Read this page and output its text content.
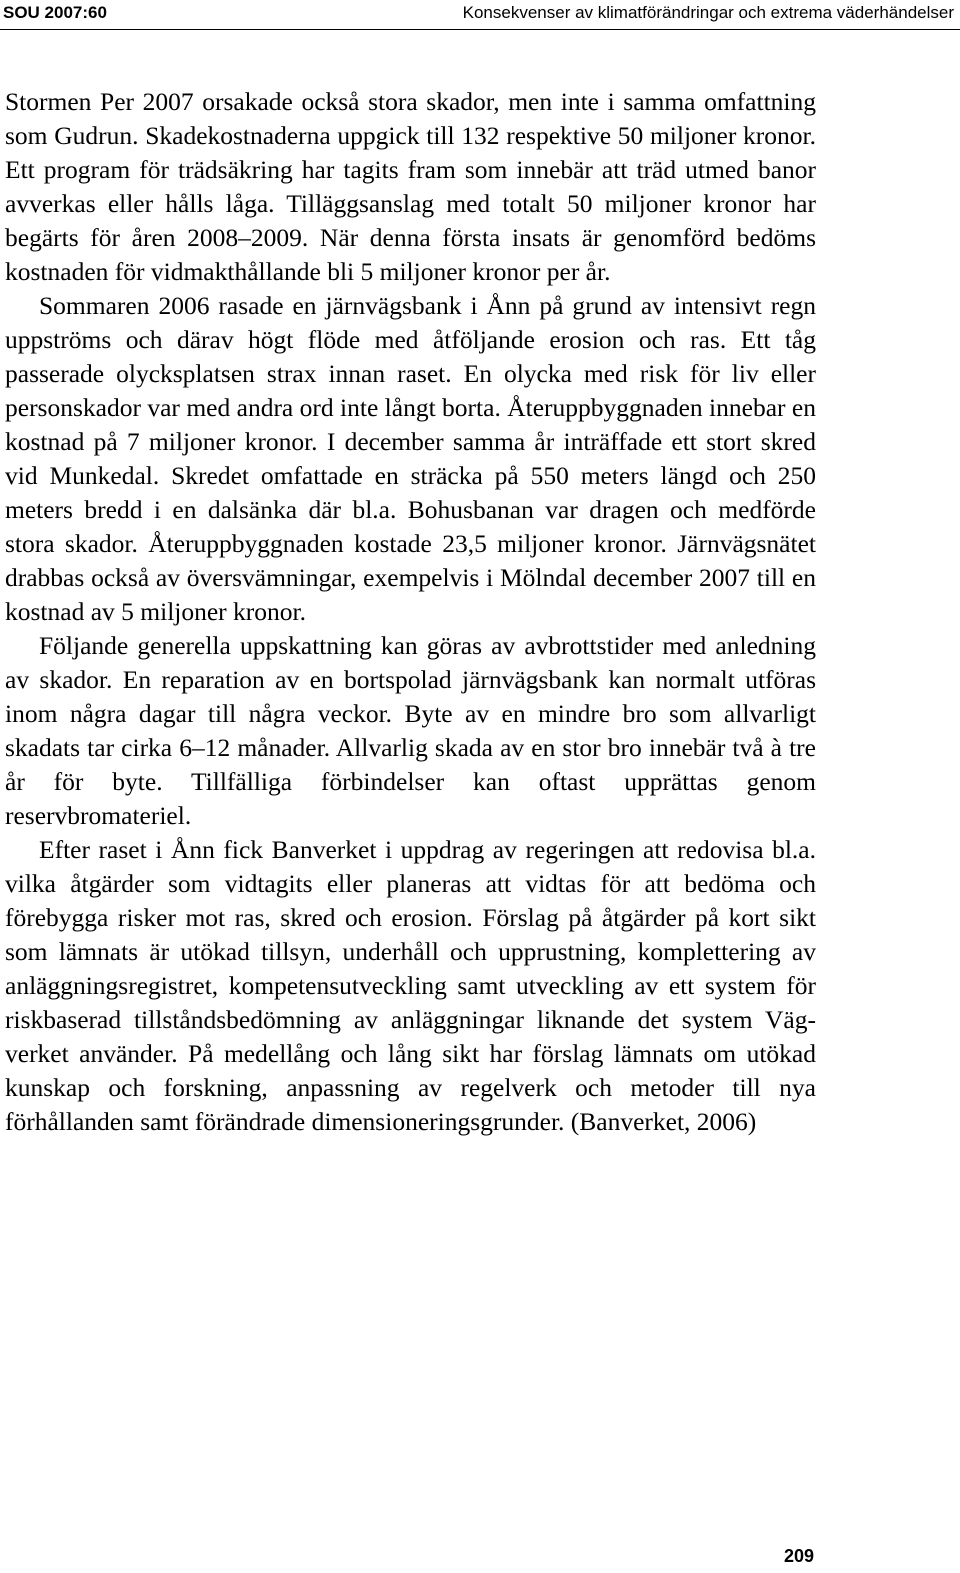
SOU 2007:60	Konsekvenser av klimatförändringar och extrema väderhändelser

Stormen Per 2007 orsakade också stora skador, men inte i samma omfattning som Gudrun. Skadekostnaderna uppgick till 132 respektive 50 miljoner kronor. Ett program för trädsäkring har tagits fram som innebär att träd utmed banor avverkas eller hålls låga. Tilläggsanslag med totalt 50 miljoner kronor har begärts för åren 2008–2009. När denna första insats är genomförd bedöms kostnaden för vidmakthållande bli 5 miljoner kronor per år.

Sommaren 2006 rasade en järnvägsbank i Ånn på grund av intensivt regn uppströms och därav högt flöde med åtföljande erosion och ras. Ett tåg passerade olycksplatsen strax innan raset. En olycka med risk för liv eller personskador var med andra ord inte långt borta. Återuppbyggnaden innebar en kostnad på 7 miljoner kronor. I december samma år inträffade ett stort skred vid Munkedal. Skredet omfattade en sträcka på 550 meters längd och 250 meters bredd i en dalsänka där bl.a. Bohusbanan var dragen och medförde stora skador. Återuppbyggnaden kostade 23,5 miljoner kronor. Järnvägsnätet drabbas också av översvämningar, exempelvis i Mölndal december 2007 till en kostnad av 5 miljoner kronor.

Följande generella uppskattning kan göras av avbrottstider med anledning av skador. En reparation av en bortspolad järnvägsbank kan normalt utföras inom några dagar till några veckor. Byte av en mindre bro som allvarligt skadats tar cirka 6–12 månader. Allvarlig skada av en stor bro innebär två à tre år för byte. Tillfälliga förbindelser kan oftast upprättas genom reservbromateriel.

Efter raset i Ånn fick Banverket i uppdrag av regeringen att redovisa bl.a. vilka åtgärder som vidtagits eller planeras att vidtas för att bedöma och förebygga risker mot ras, skred och erosion. Förslag på åtgärder på kort sikt som lämnats är utökad tillsyn, underhåll och upprustning, komplettering av anläggningsregistret, kompetensutveckling samt utveckling av ett system för riskbaserad tillståndsbedömning av anläggningar liknande det system Vägverket använder. På medellång och lång sikt har förslag lämnats om utökad kunskap och forskning, anpassning av regelverk och metoder till nya förhållanden samt förändrade dimensioneringsgrunder. (Banverket, 2006)

209
